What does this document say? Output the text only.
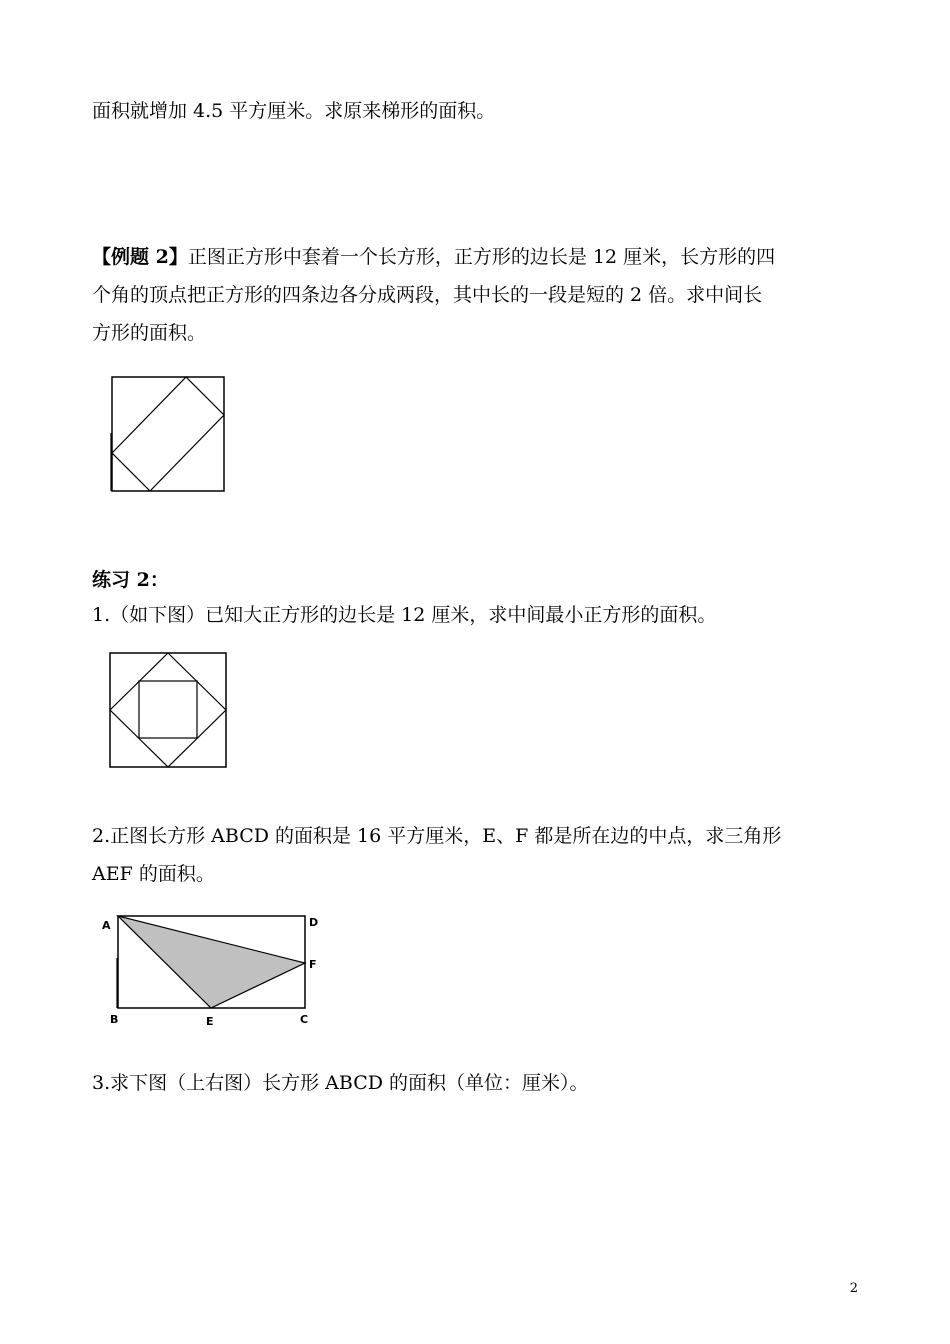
面积就增加 4.5 平方厘米。求原来梯形的面积。
【例题 2】正图正方形中套着一个长方形，正方形的边长是 12 厘米，长方形的四
个角的顶点把正方形的四条边各分成两段，其中长的一段是短的 2 倍。求中间长
方形的面积。
练习 2：
1.（如下图）已知大正方形的边长是 12 厘米，求中间最小正方形的面积。
2.正图长方形 ABCD 的面积是 16 平方厘米，E、F 都是所在边的中点，求三角形
AEF 的面积。
A	D
F
B	E	C
3.求下图（上右图）长方形 ABCD 的面积（单位：厘米）。
2
